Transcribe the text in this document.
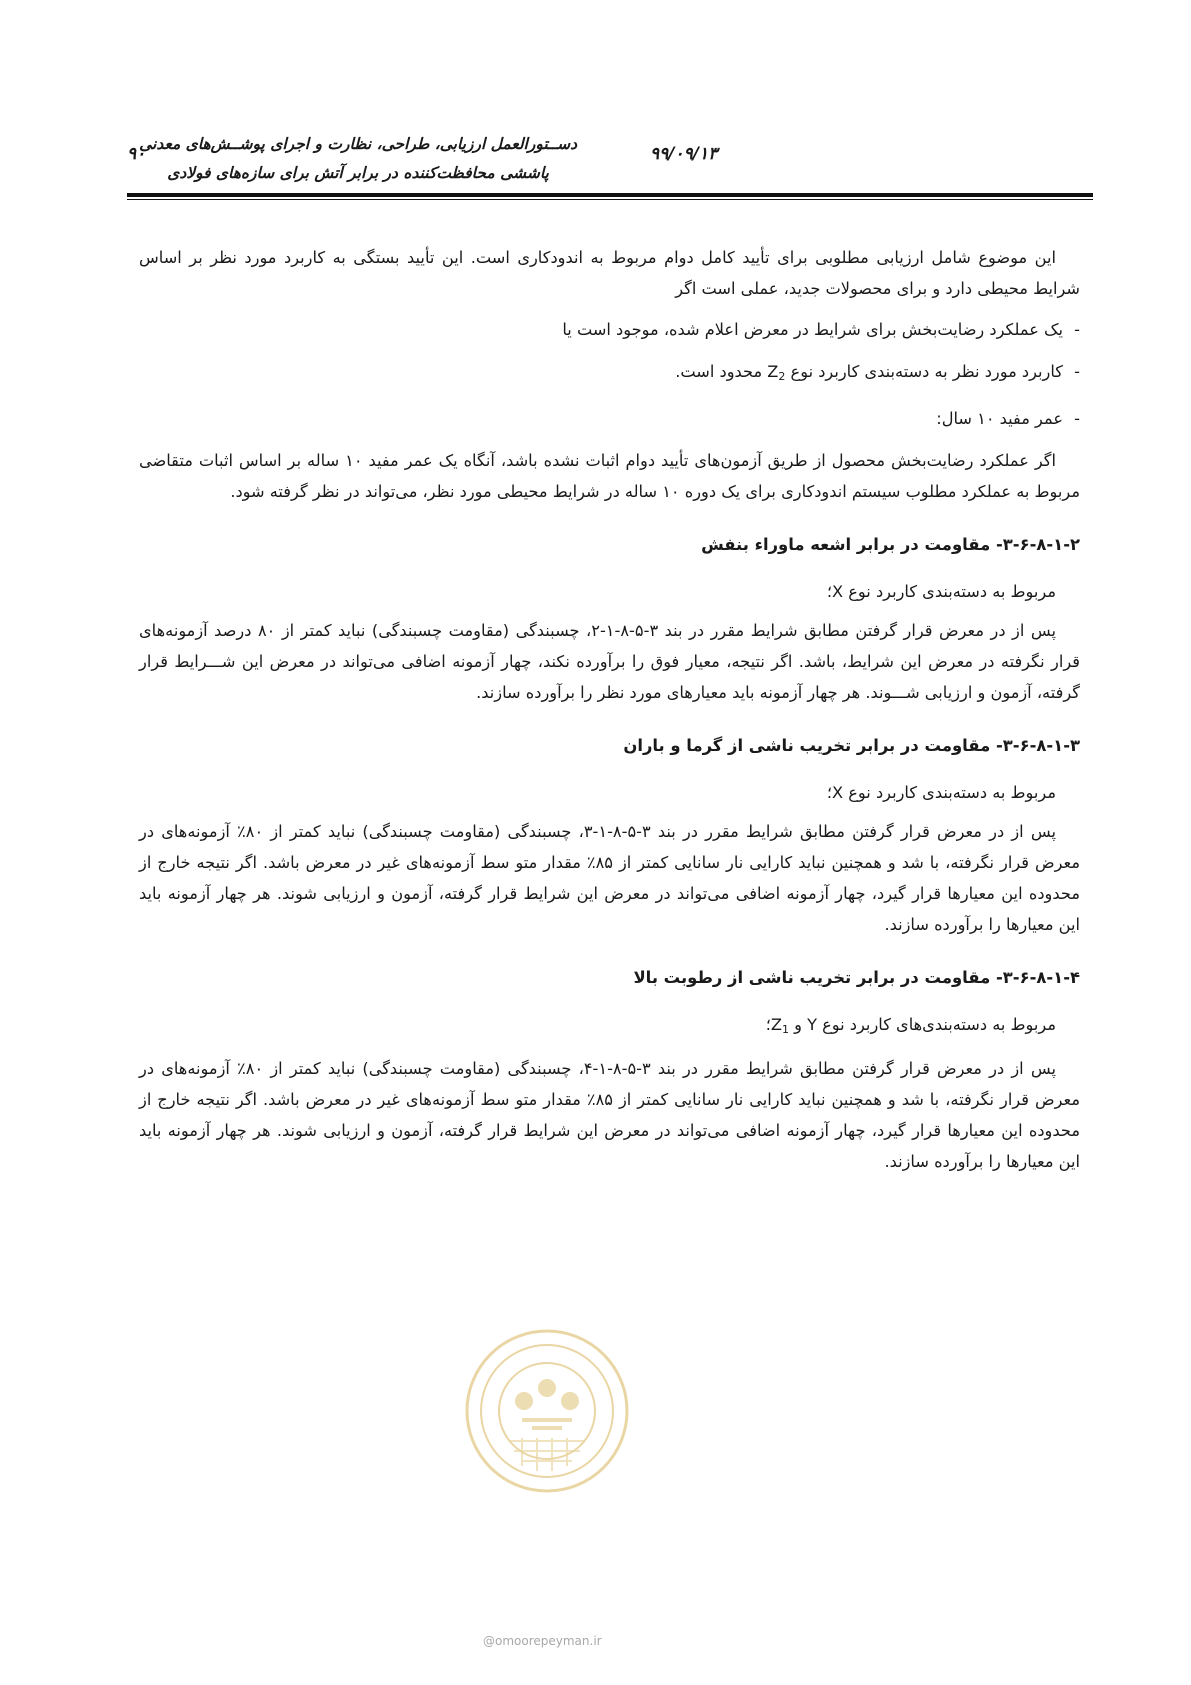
۹۰	۹۹/۰۹/۱۳
دســتورالعمل ارزیابی، طراحی، نظارت و اجرای پوشــش‌های معدنی
پاششی محافظت‌کننده در برابر آتش برای سازه‌های فولادی

این موضوع شامل ارزیابی مطلوبی برای تأیید کامل دوام مربوط به اندودکاری است. این تأیید بستگی به کاربرد مورد نظر بر اساس شرایط محیطی دارد و برای محصولات جدید، عملی است اگر

- یک عملکرد رضایت‌بخش برای شرایط در معرض اعلام شده، موجود است یا
- کاربرد مورد نظر به دسته‌بندی کاربرد نوع $Z_2$ محدود است.
- عمر مفید ۱۰ سال:

اگر عملکرد رضایت‌بخش محصول از طریق آزمون‌های تأیید دوام اثبات نشده باشد، آنگاه یک عمر مفید ۱۰ ساله بر اساس اثبات متقاضی مربوط به عملکرد مطلوب سیستم اندودکاری برای یک دوره ۱۰ ساله در شرایط محیطی مورد نظر، می‌تواند در نظر گرفته شود.

۳-۶-۸-۱-۲- مقاومت در برابر اشعه ماوراء بنفش

مربوط به دسته‌بندی کاربرد نوع X؛

پس از در معرض قرار گرفتن مطابق شرایط مقرر در بند ۳-۵-۸-۱-۲، چسبندگی (مقاومت چسبندگی) نباید کمتر از ۸۰ درصد آزمونه‌های قرار نگرفته در معرض این شرایط، باشد. اگر نتیجه، معیار فوق را برآورده نکند، چهار آزمونه اضافی می‌تواند در معرض این شـــرایط قرار گرفته، آزمون و ارزیابی شـــوند. هر چهار آزمونه باید معیارهای مورد نظر را برآورده سازند.

۳-۶-۸-۱-۳- مقاومت در برابر تخریب ناشی از گرما و باران

مربوط به دسته‌بندی کاربرد نوع X؛

پس از در معرض قرار گرفتن مطابق شرایط مقرر در بند ۳-۵-۸-۱-۳، چسبندگی (مقاومت چسبندگی) نباید کمتر از ۸۰٪ آزمونه‌های در معرض قرار نگرفته، با شد و همچنین نباید کارایی نار سانایی کمتر از ۸۵٪ مقدار متو سط آزمونه‌های غیر در معرض باشد. اگر نتیجه خارج از محدوده این معیارها قرار گیرد، چهار آزمونه اضافی می‌تواند در معرض این شرایط قرار گرفته، آزمون و ارزیابی شوند. هر چهار آزمونه باید این معیارها را برآورده سازند.

۳-۶-۸-۱-۴- مقاومت در برابر تخریب ناشی از رطوبت بالا

مربوط به دسته‌بندی‌های کاربرد نوع Y و $Z_1؛$

پس از در معرض قرار گرفتن مطابق شرایط مقرر در بند ۳-۵-۸-۱-۴، چسبندگی (مقاومت چسبندگی) نباید کمتر از ۸۰٪ آزمونه‌های در معرض قرار نگرفته، با شد و همچنین نباید کارایی نار سانایی کمتر از ۸۵٪ مقدار متو سط آزمونه‌های غیر در معرض باشد. اگر نتیجه خارج از محدوده این معیارها قرار گیرد، چهار آزمونه اضافی می‌تواند در معرض این شرایط قرار گرفته، آزمون و ارزیابی شوند. هر چهار آزمونه باید این معیارها را برآورده سازند.

@omoorepeyman.ir
